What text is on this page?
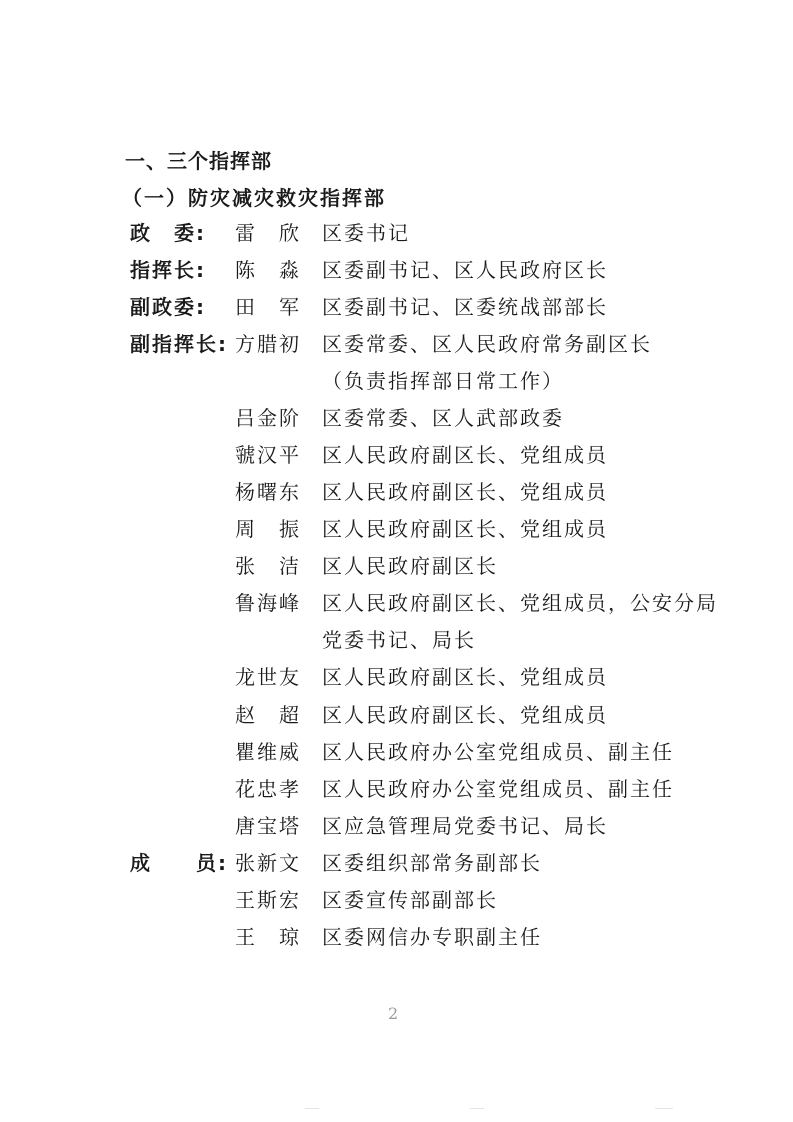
一、三个指挥部
（一）防灾减灾救灾指挥部
政　委: 雷　欣 区委书记
指挥长: 陈　淼 区委副书记、区人民政府区长
副政委: 田　军 区委副书记、区委统战部部长
副指挥长: 方腊初 区委常委、区人民政府常务副区长
（负责指挥部日常工作）
吕金阶 区委常委、区人武部政委
虢汉平 区人民政府副区长、党组成员
杨曙东 区人民政府副区长、党组成员
周　振 区人民政府副区长、党组成员
张　洁 区人民政府副区长
鲁海峰 区人民政府副区长、党组成员，公安分局
党委书记、局长
龙世友 区人民政府副区长、党组成员
赵　超 区人民政府副区长、党组成员
瞿维威 区人民政府办公室党组成员、副主任
花忠孝 区人民政府办公室党组成员、副主任
唐宝塔 区应急管理局党委书记、局长
成　　员: 张新文 区委组织部常务副部长
王斯宏 区委宣传部副部长
王　琼 区委网信办专职副主任
2
